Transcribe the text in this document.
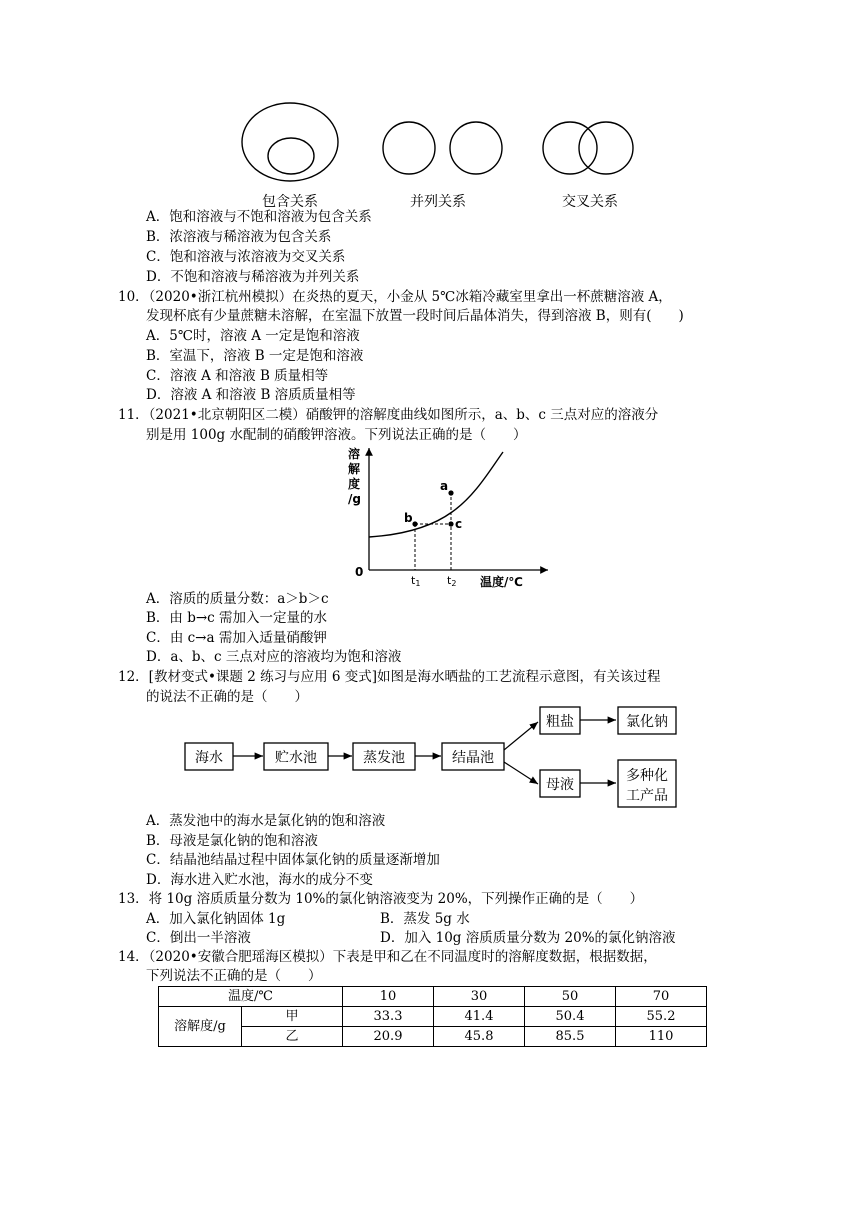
包含关系	并列关系	交叉关系
A．饱和溶液与不饱和溶液为包含关系
B．浓溶液与稀溶液为包含关系
C．饱和溶液与浓溶液为交叉关系
D．不饱和溶液与稀溶液为并列关系
10．（2020•浙江杭州模拟）在炎热的夏天，小金从 5℃冰箱冷藏室里拿出一杯蔗糖溶液 A，
发现杯底有少量蔗糖未溶解，在室温下放置一段时间后晶体消失，得到溶液 B，则有(　　)
A．5℃时，溶液 A 一定是饱和溶液
B．室温下，溶液 B 一定是饱和溶液
C．溶液 A 和溶液 B 质量相等
D．溶液 A 和溶液 B 溶质质量相等
11．（2021•北京朝阳区二模）硝酸钾的溶解度曲线如图所示，a、b、c 三点对应的溶液分
别是用 100g 水配制的硝酸钾溶液。下列说法正确的是（　　）
溶
解
度
/g
0
a
b	c
t1 t2 温度/℃
A．溶质的质量分数：a＞b＞c
B．由 b→c 需加入一定量的水
C．由 c→a 需加入适量硝酸钾
D．a、b、c 三点对应的溶液均为饱和溶液
12．[教材变式•课题 2 练习与应用 6 变式]如图是海水晒盐的工艺流程示意图，有关该过程
的说法不正确的是（　　）
海水	贮水池	蒸发池	结晶池
粗盐	氯化钠
母液
多种化
工产品
A．蒸发池中的海水是氯化钠的饱和溶液
B．母液是氯化钠的饱和溶液
C．结晶池结晶过程中固体氯化钠的质量逐渐增加
D．海水进入贮水池，海水的成分不变
13．将 10g 溶质质量分数为 10%的氯化钠溶液变为 20%，下列操作正确的是（　　）
A．加入氯化钠固体 1g	B．蒸发 5g 水
C．倒出一半溶液	D．加入 10g 溶质质量分数为 20%的氯化钠溶液
14．（2020•安徽合肥瑶海区模拟）下表是甲和乙在不同温度时的溶解度数据，根据数据，
下列说法不正确的是（　　）
温度/℃		10	30	50	70
溶解度/g	甲	33.3	41.4	50.4	55.2
	乙	20.9	45.8	85.5	110
